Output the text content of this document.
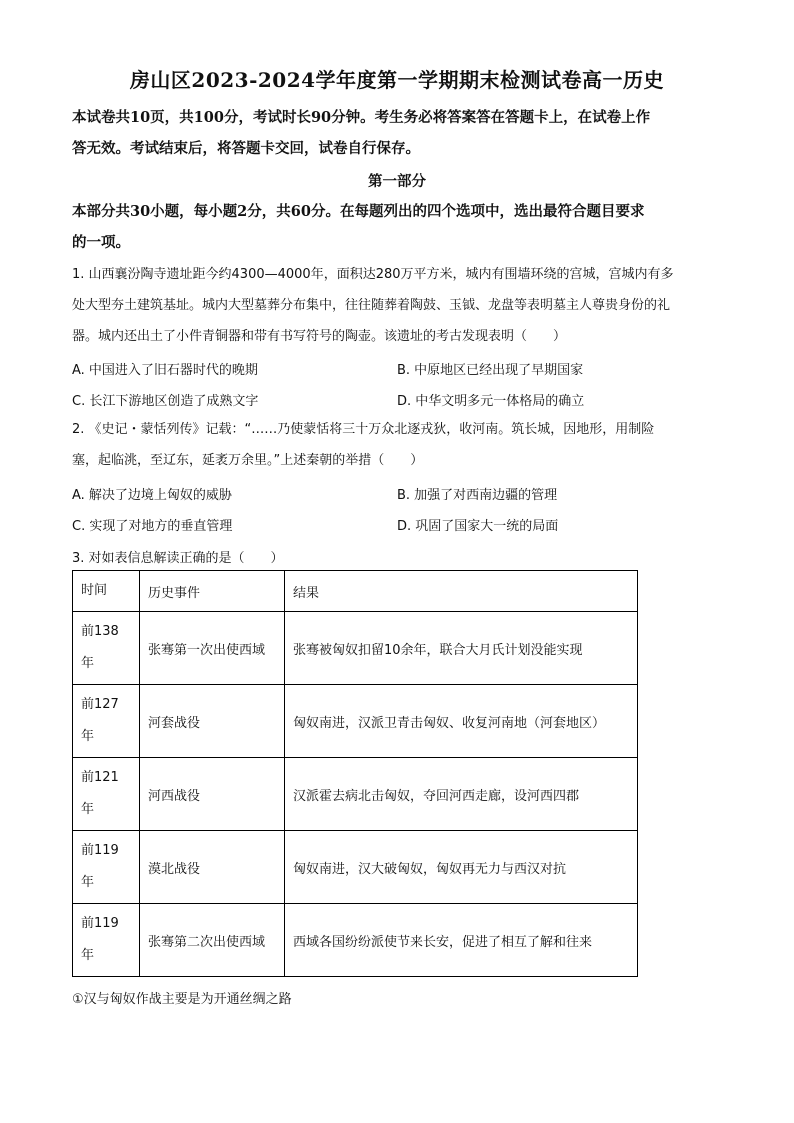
房山区2023-2024学年度第一学期期末检测试卷高一历史
本试卷共10页，共100分，考试时长90分钟。考生务必将答案答在答题卡上，在试卷上作
答无效。考试结束后，将答题卡交回，试卷自行保存。
第一部分
本部分共30小题，每小题2分，共60分。在每题列出的四个选项中，选出最符合题目要求
的一项。
1. 山西襄汾陶寺遗址距今约4300—4000年，面积达280万平方米，城内有围墙环绕的宫城，宫城内有多
处大型夯土建筑基址。城内大型墓葬分布集中，往往随葬着陶鼓、玉钺、龙盘等表明墓主人尊贵身份的礼
器。城内还出土了小件青铜器和带有书写符号的陶壶。该遗址的考古发现表明（　　）
A. 中国进入了旧石器时代的晚期	B. 中原地区已经出现了早期国家
C. 长江下游地区创造了成熟文字	D. 中华文明多元一体格局的确立
2. 《史记・蒙恬列传》记载：“……乃使蒙恬将三十万众北逐戎狄，收河南。筑长城，因地形，用制险
塞，起临洮，至辽东，延袤万余里。”上述秦朝的举措（　　）
A. 解决了边境上匈奴的威胁	B. 加强了对西南边疆的管理
C. 实现了对地方的垂直管理	D. 巩固了国家大一统的局面
3. 对如表信息解读正确的是（　　）
时间	历史事件	结果
前138
年	张骞第一次出使西域	张骞被匈奴扣留10余年，联合大月氏计划没能实现
前127
年	河套战役	匈奴南进，汉派卫青击匈奴、收复河南地（河套地区）
前121
年	河西战役	汉派霍去病北击匈奴，夺回河西走廊，设河西四郡
前119
年	漠北战役	匈奴南进，汉大破匈奴，匈奴再无力与西汉对抗
前119
年	张骞第二次出使西域	西域各国纷纷派使节来长安，促进了相互了解和往来
①汉与匈奴作战主要是为开通丝绸之路
